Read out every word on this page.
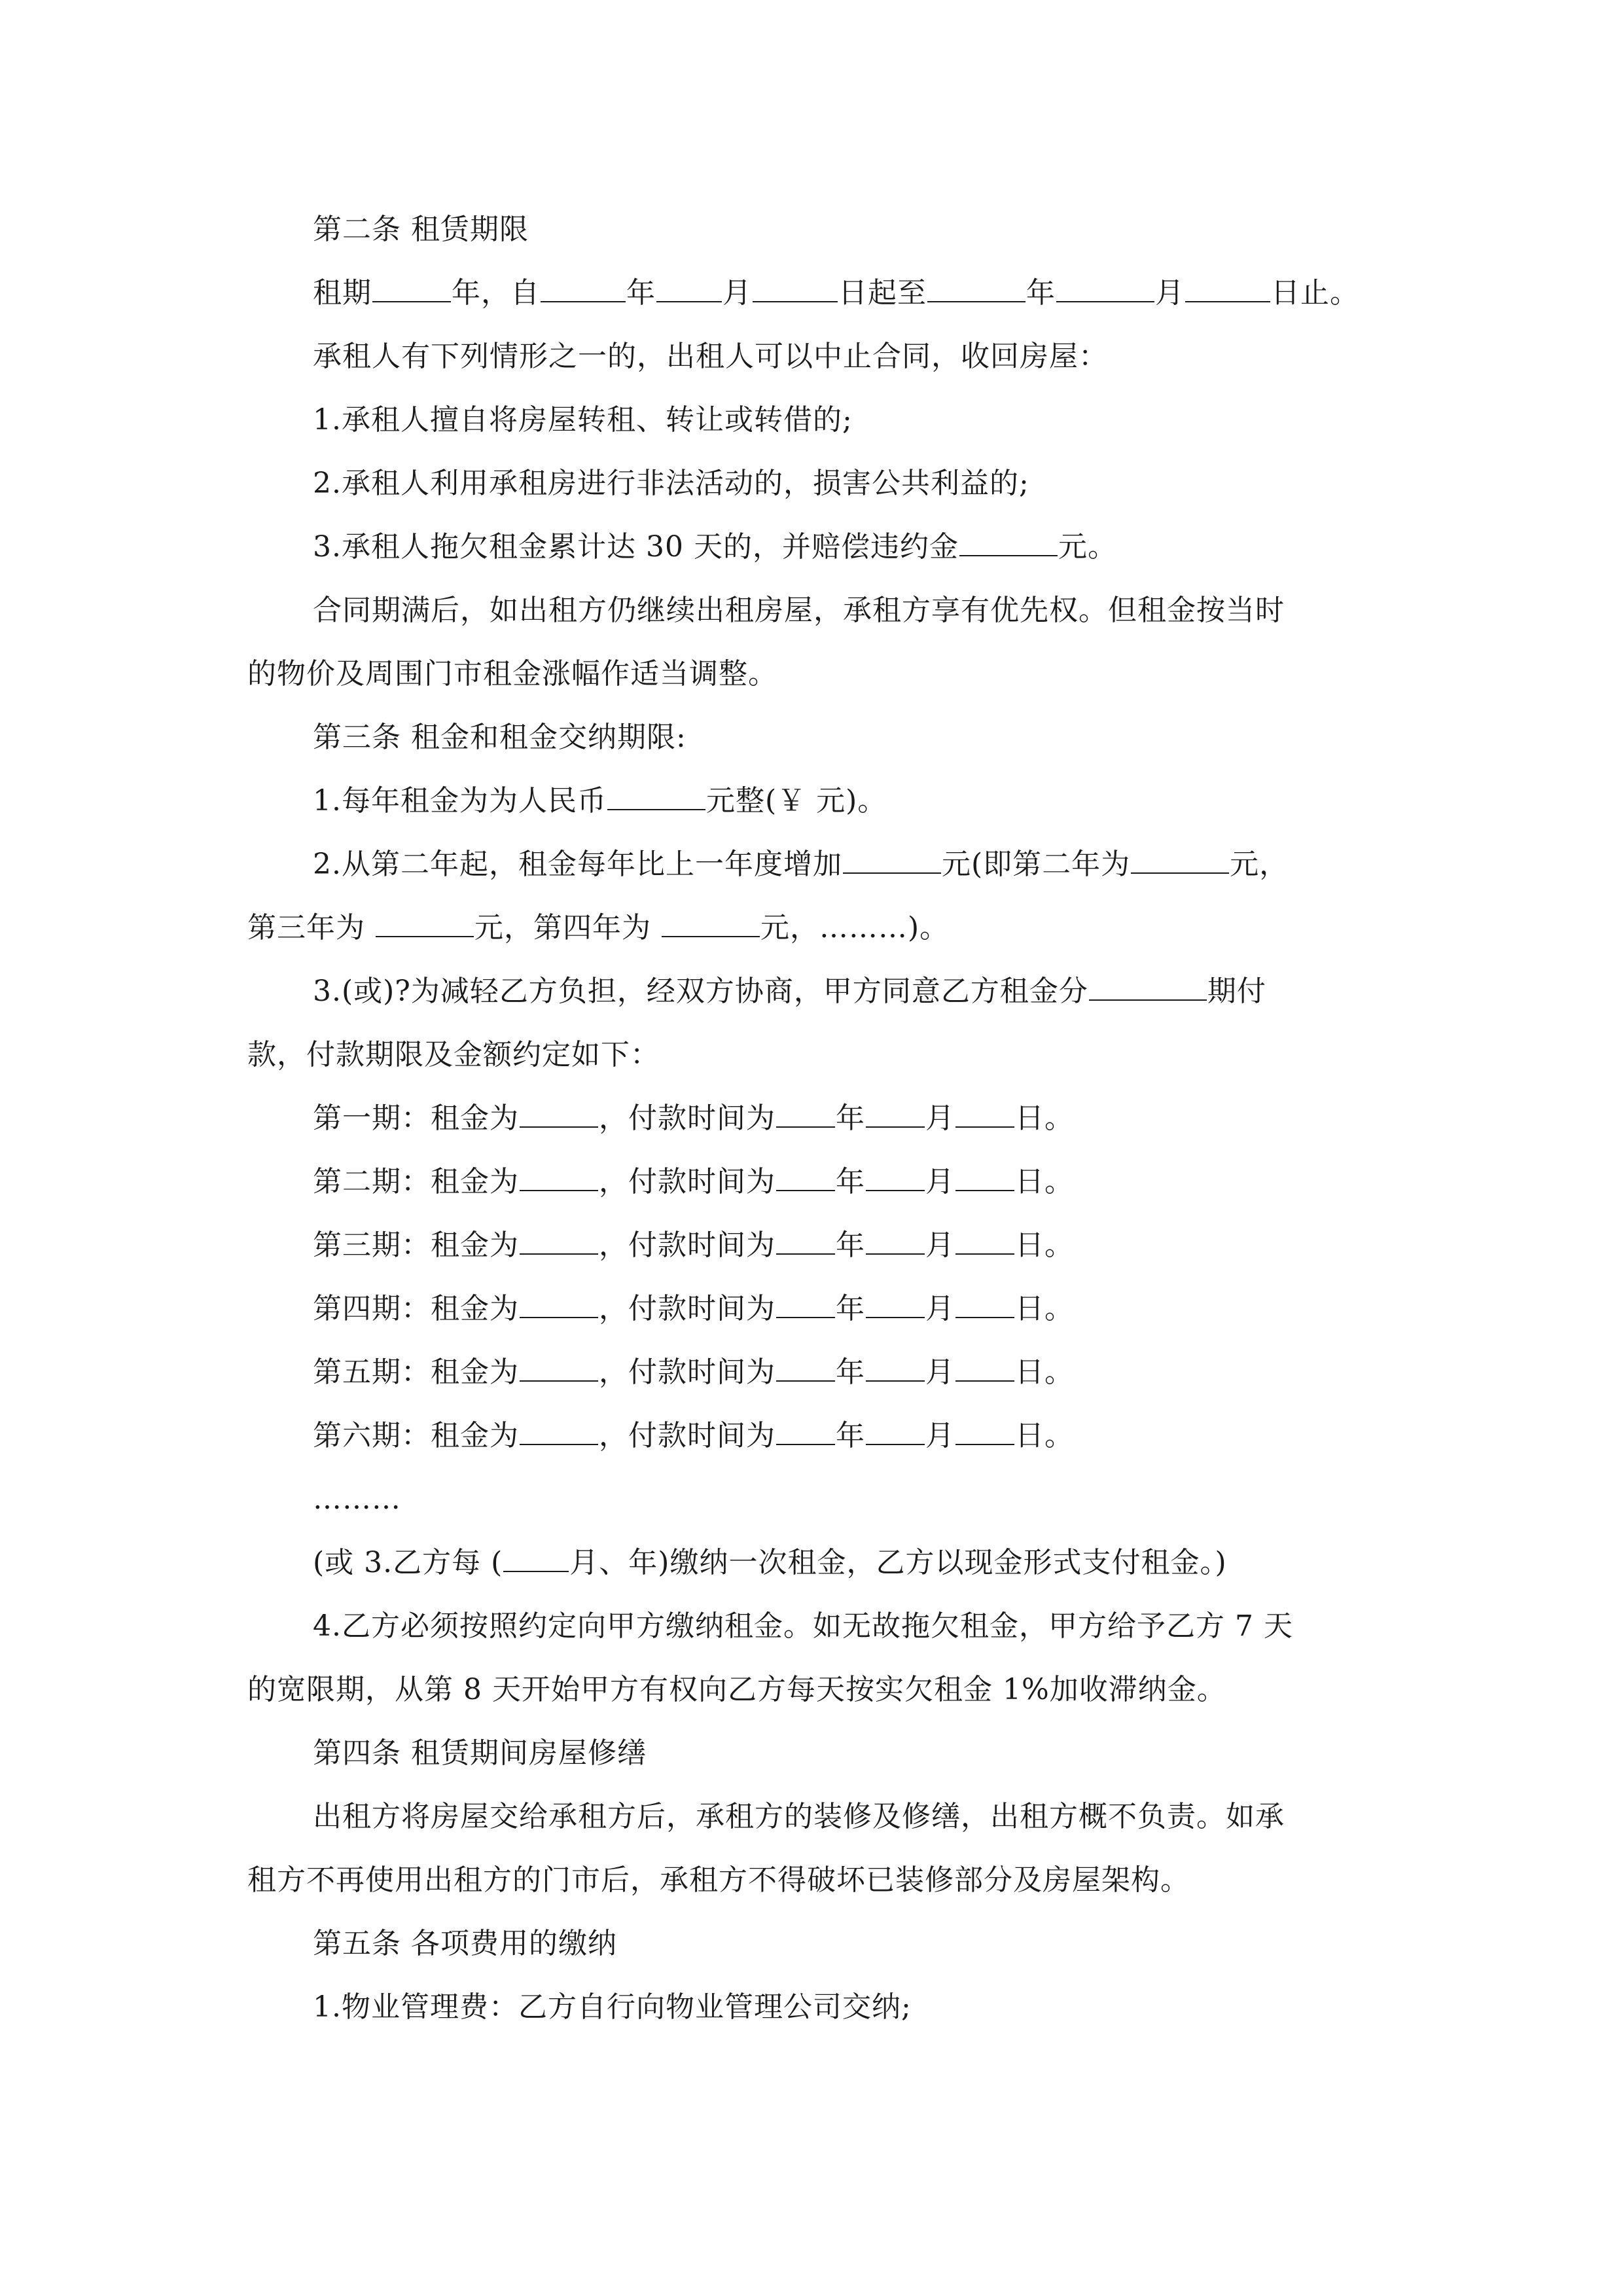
第二条 租赁期限
租期	年，自	年 月	日起至	年	月	日止。
承租人有下列情形之一的，出租人可以中止合同，收回房屋：
1.承租人擅自将房屋转租、转让或转借的;
2.承租人利用承租房进行非法活动的，损害公共利益的;
3.承租人拖欠租金累计达 30 天的，并赔偿违约金	元。
合同期满后，如出租方仍继续出租房屋，承租方享有优先权。但租金按当时
的物价及周围门市租金涨幅作适当调整。
第三条 租金和租金交纳期限:
1.每年租金为为人民币	元整(￥ 元)。
2.从第二年起，租金每年比上一年度增加	元(即第二年为	元，
第三年为	元，第四年为	元，………)。
3.(或)?为减轻乙方负担，经双方协商，甲方同意乙方租金分	期付
款，付款期限及金额约定如下：
第一期：租金为	，付款时间为 年 月 日。
第二期：租金为	，付款时间为 年 月 日。
第三期：租金为	，付款时间为 年 月 日。
第四期：租金为	，付款时间为 年 月 日。
第五期：租金为	，付款时间为 年 月 日。
第六期：租金为	，付款时间为 年 月 日。
………
(或 3.乙方每 ( 月、年)缴纳一次租金，乙方以现金形式支付租金。)
4.乙方必须按照约定向甲方缴纳租金。如无故拖欠租金，甲方给予乙方 7 天
的宽限期，从第 8 天开始甲方有权向乙方每天按实欠租金 1%加收滞纳金。
第四条 租赁期间房屋修缮
出租方将房屋交给承租方后，承租方的装修及修缮，出租方概不负责。如承
租方不再使用出租方的门市后，承租方不得破坏已装修部分及房屋架构。
第五条 各项费用的缴纳
1.物业管理费：乙方自行向物业管理公司交纳;
